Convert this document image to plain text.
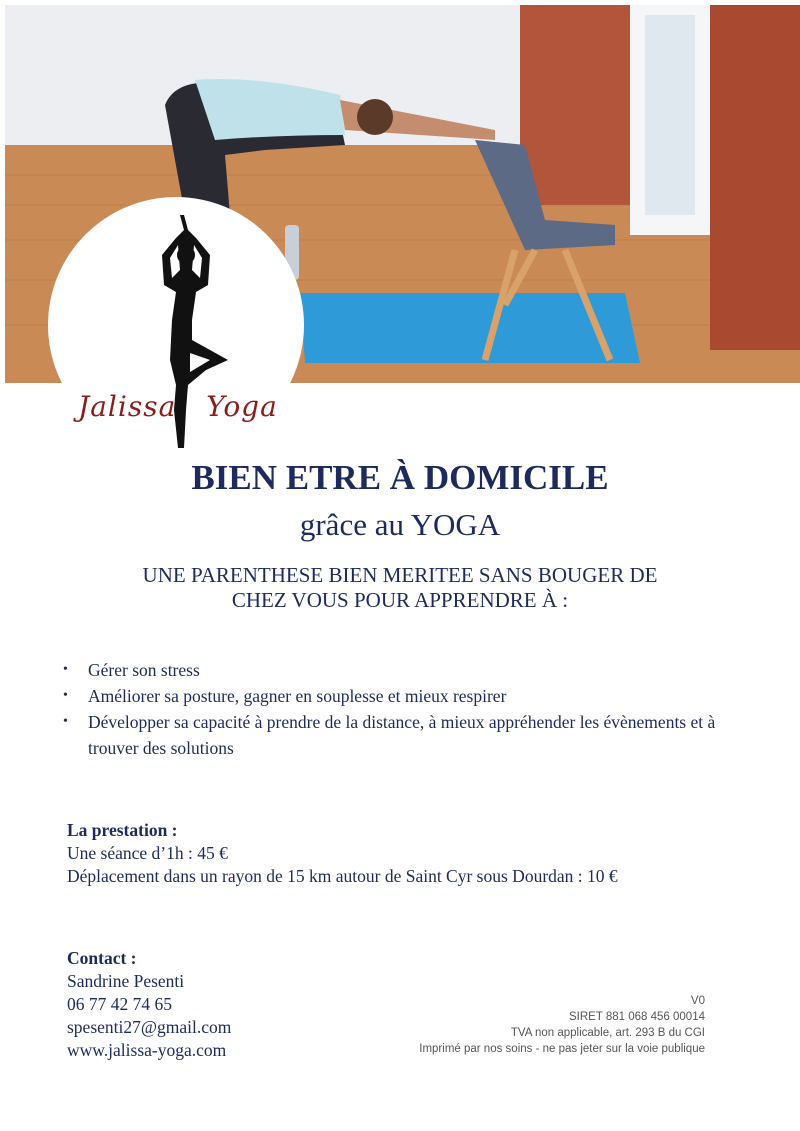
Jalissa Yoga
BIEN ETRE À DOMICILE
grâce au YOGA
UNE PARENTHESE BIEN MERITEE SANS BOUGER DE
CHEZ VOUS POUR APPRENDRE À :
• Gérer son stress
• Améliorer sa posture, gagner en souplesse et mieux respirer
• Développer sa capacité à prendre de la distance, à mieux appréhender les évènements et à trouver des solutions
La prestation :
Une séance d’1h : 45 €
Déplacement dans un rayon de 15 km autour de Saint Cyr sous Dourdan : 10 €
Contact :
Sandrine Pesenti
06 77 42 74 65
spesenti27@gmail.com
www.jalissa-yoga.com
V0
SIRET 881 068 456 00014
TVA non applicable, art. 293 B du CGI
Imprimé par nos soins - ne pas jeter sur la voie publique
